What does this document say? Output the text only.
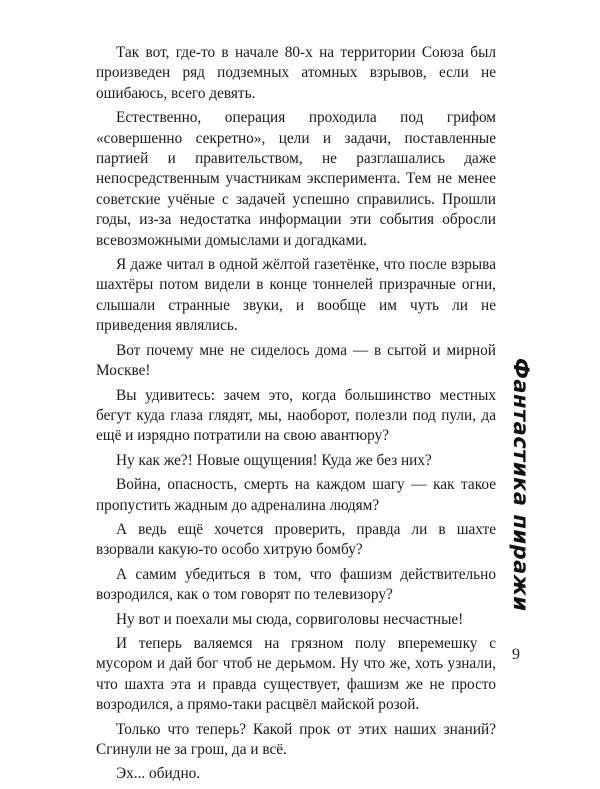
Так вот, где-то в начале 80-х на территории Союза был произведен ряд подземных атомных взрывов, если не ошибаюсь, всего девять.

Естественно, операция проходила под грифом «совершенно секретно», цели и задачи, поставленные партией и правительством, не разглашались даже непосредственным участникам эксперимента. Тем не менее советские учёные с задачей успешно справились. Прошли годы, из-за недостатка информации эти события обросли всевозможными домыслами и догадками.

Я даже читал в одной жёлтой газетёнке, что после взрыва шахтёры потом видели в конце тоннелей призрачные огни, слышали странные звуки, и вообще им чуть ли не приведения являлись.

Вот почему мне не сиделось дома — в сытой и мирной Москве!

Вы удивитесь: зачем это, когда большинство местных бегут куда глаза глядят, мы, наоборот, полезли под пули, да ещё и изрядно потратили на свою авантюру?

Ну как же?! Новые ощущения! Куда же без них?

Война, опасность, смерть на каждом шагу — как такое пропустить жадным до адреналина людям?

А ведь ещё хочется проверить, правда ли в шахте взорвали какую-то особо хитрую бомбу?

А самим убедиться в том, что фашизм действительно возродился, как о том говорят по телевизору?

Ну вот и поехали мы сюда, сорвиголовы несчастные!

И теперь валяемся на грязном полу вперемешку с мусором и дай бог чтоб не дерьмом. Ну что же, хоть узнали, что шахта эта и правда существует, фашизм же не просто возродился, а прямо-таки расцвёл майской розой.

Только что теперь? Какой прок от этих наших знаний? Сгинули не за грош, да и всё.

Эх... обидно.

Фантастика пиражи
9
